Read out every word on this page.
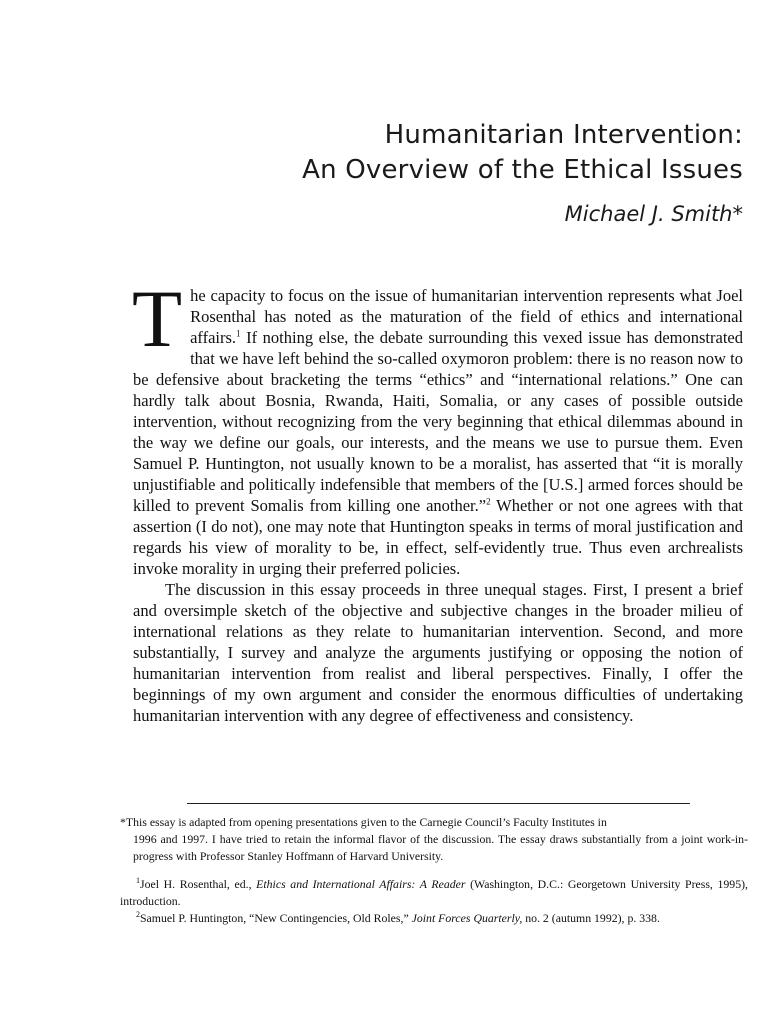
Humanitarian Intervention:
An Overview of the Ethical Issues
Michael J. Smith*

The capacity to focus on the issue of humanitarian intervention represents what Joel Rosenthal has noted as the maturation of the field of ethics and international affairs.$^1$ If nothing else, the debate surrounding this vexed issue has demonstrated that we have left behind the so-called oxymoron problem: there is no reason now to be defensive about bracketing the terms “ethics” and “international relations.” One can hardly talk about Bosnia, Rwanda, Haiti, Somalia, or any cases of possible outside intervention, without recognizing from the very beginning that ethical dilemmas abound in the way we define our goals, our interests, and the means we use to pursue them. Even Samuel P. Huntington, not usually known to be a moralist, has asserted that “it is morally unjustifiable and politically indefensible that members of the [U.S.] armed forces should be killed to prevent Somalis from killing one another.”$^2$ Whether or not one agrees with that assertion (I do not), one may note that Huntington speaks in terms of moral justification and regards his view of morality to be, in effect, self-evidently true. Thus even archrealists invoke morality in urging their preferred policies.

The discussion in this essay proceeds in three unequal stages. First, I present a brief and oversimple sketch of the objective and subjective changes in the broader milieu of international relations as they relate to humanitarian intervention. Second, and more substantially, I survey and analyze the arguments justifying or opposing the notion of humanitarian intervention from realist and liberal perspectives. Finally, I offer the beginnings of my own argument and consider the enormous difficulties of undertaking humanitarian intervention with any degree of effectiveness and consistency.

*This essay is adapted from opening presentations given to the Carnegie Council’s Faculty Institutes in

1996 and 1997. I have tried to retain the informal flavor of the discussion. The essay draws substantially from a joint work-in-progress with Professor Stanley Hoffmann of Harvard University.

$^1$Joel H. Rosenthal, ed., Ethics and International Affairs: A Reader (Washington, D.C.: Georgetown University Press, 1995), introduction.

$^2$Samuel P. Huntington, “New Contingencies, Old Roles,” Joint Forces Quarterly, no. 2 (autumn 1992), p. 338.
